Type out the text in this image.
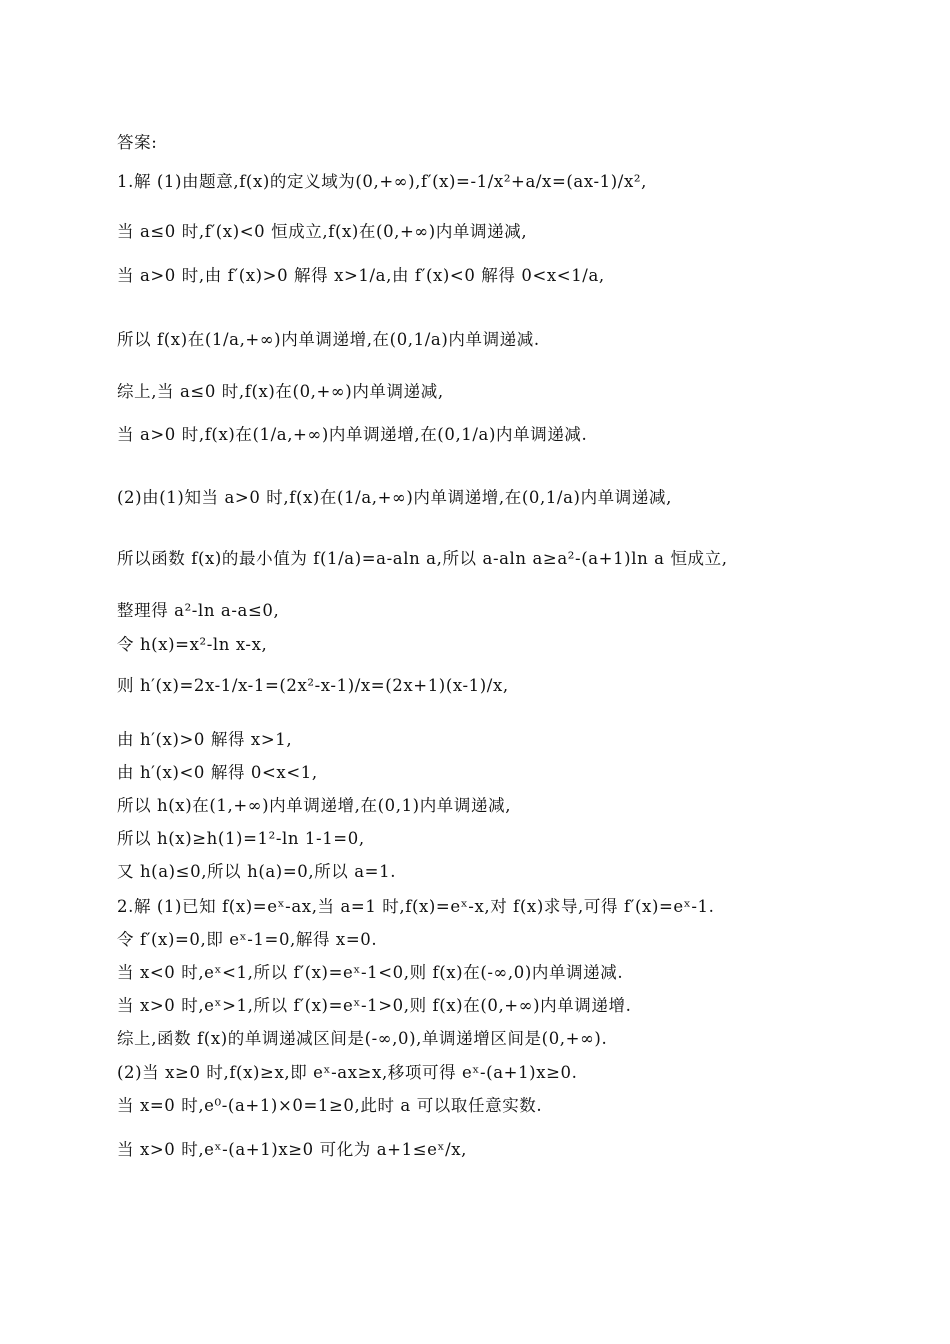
答案:
1.解 (1)由题意,f(x)的定义域为(0,+∞),f′(x)=-1/x²+a/x=(ax-1)/x²,
当 a≤0 时,f′(x)<0 恒成立,f(x)在(0,+∞)内单调递减,
当 a>0 时,由 f′(x)>0 解得 x>1/a,由 f′(x)<0 解得 0<x<1/a,
所以 f(x)在(1/a,+∞)内单调递增,在(0,1/a)内单调递减.
综上,当 a≤0 时,f(x)在(0,+∞)内单调递减,
当 a>0 时,f(x)在(1/a,+∞)内单调递增,在(0,1/a)内单调递减.
(2)由(1)知当 a>0 时,f(x)在(1/a,+∞)内单调递增,在(0,1/a)内单调递减,
所以函数 f(x)的最小值为 f(1/a)=a-aln a,所以 a-aln a≥a²-(a+1)ln a 恒成立,
整理得 a²-ln a-a≤0,
令 h(x)=x²-ln x-x,
则 h′(x)=2x-1/x-1=(2x²-x-1)/x=(2x+1)(x-1)/x,
由 h′(x)>0 解得 x>1,
由 h′(x)<0 解得 0<x<1,
所以 h(x)在(1,+∞)内单调递增,在(0,1)内单调递减,
所以 h(x)≥h(1)=1²-ln 1-1=0,
又 h(a)≤0,所以 h(a)=0,所以 a=1.
2.解 (1)已知 f(x)=eˣ-ax,当 a=1 时,f(x)=eˣ-x,对 f(x)求导,可得 f′(x)=eˣ-1.
令 f′(x)=0,即 eˣ-1=0,解得 x=0.
当 x<0 时,eˣ<1,所以 f′(x)=eˣ-1<0,则 f(x)在(-∞,0)内单调递减.
当 x>0 时,eˣ>1,所以 f′(x)=eˣ-1>0,则 f(x)在(0,+∞)内单调递增.
综上,函数 f(x)的单调递减区间是(-∞,0),单调递增区间是(0,+∞).
(2)当 x≥0 时,f(x)≥x,即 eˣ-ax≥x,移项可得 eˣ-(a+1)x≥0.
当 x=0 时,e⁰-(a+1)×0=1≥0,此时 a 可以取任意实数.
当 x>0 时,eˣ-(a+1)x≥0 可化为 a+1≤eˣ/x,
